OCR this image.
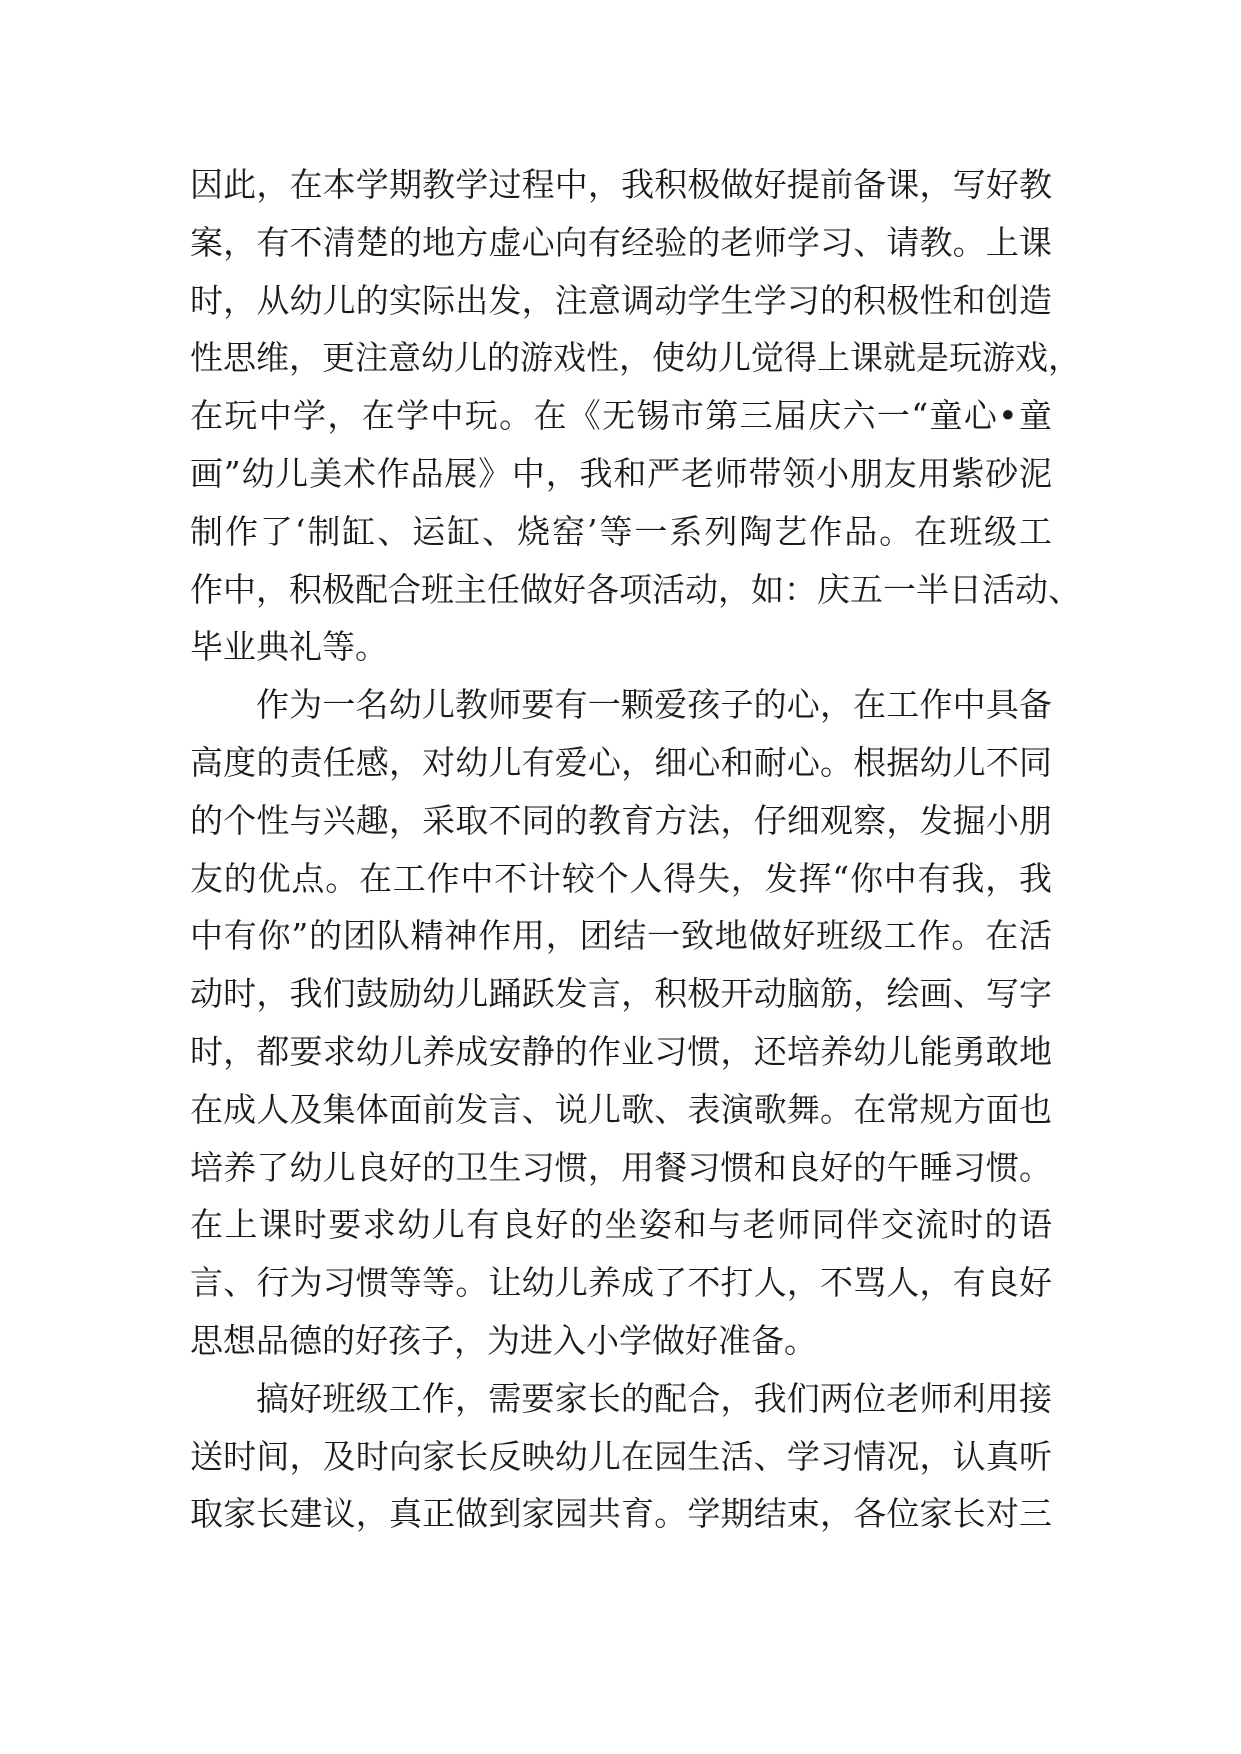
因此，在本学期教学过程中，我积极做好提前备课，写好教
案，有不清楚的地方虚心向有经验的老师学习、请教。上课
时，从幼儿的实际出发，注意调动学生学习的积极性和创造
性思维，更注意幼儿的游戏性，使幼儿觉得上课就是玩游戏，
在玩中学，在学中玩。在《无锡市第三届庆六一“童心•童
画”幼儿美术作品展》中，我和严老师带领小朋友用紫砂泥
制作了‘制缸、运缸、烧窑’等一系列陶艺作品。在班级工
作中，积极配合班主任做好各项活动，如：庆五一半日活动、
毕业典礼等。
作为一名幼儿教师要有一颗爱孩子的心，在工作中具备
高度的责任感，对幼儿有爱心，细心和耐心。根据幼儿不同
的个性与兴趣，采取不同的教育方法，仔细观察，发掘小朋
友的优点。在工作中不计较个人得失，发挥“你中有我，我
中有你”的团队精神作用，团结一致地做好班级工作。在活
动时，我们鼓励幼儿踊跃发言，积极开动脑筋，绘画、写字
时，都要求幼儿养成安静的作业习惯，还培养幼儿能勇敢地
在成人及集体面前发言、说儿歌、表演歌舞。在常规方面也
培养了幼儿良好的卫生习惯，用餐习惯和良好的午睡习惯。
在上课时要求幼儿有良好的坐姿和与老师同伴交流时的语
言、行为习惯等等。让幼儿养成了不打人，不骂人，有良好
思想品德的好孩子，为进入小学做好准备。
搞好班级工作，需要家长的配合，我们两位老师利用接
送时间，及时向家长反映幼儿在园生活、学习情况，认真听
取家长建议，真正做到家园共育。学期结束，各位家长对三
